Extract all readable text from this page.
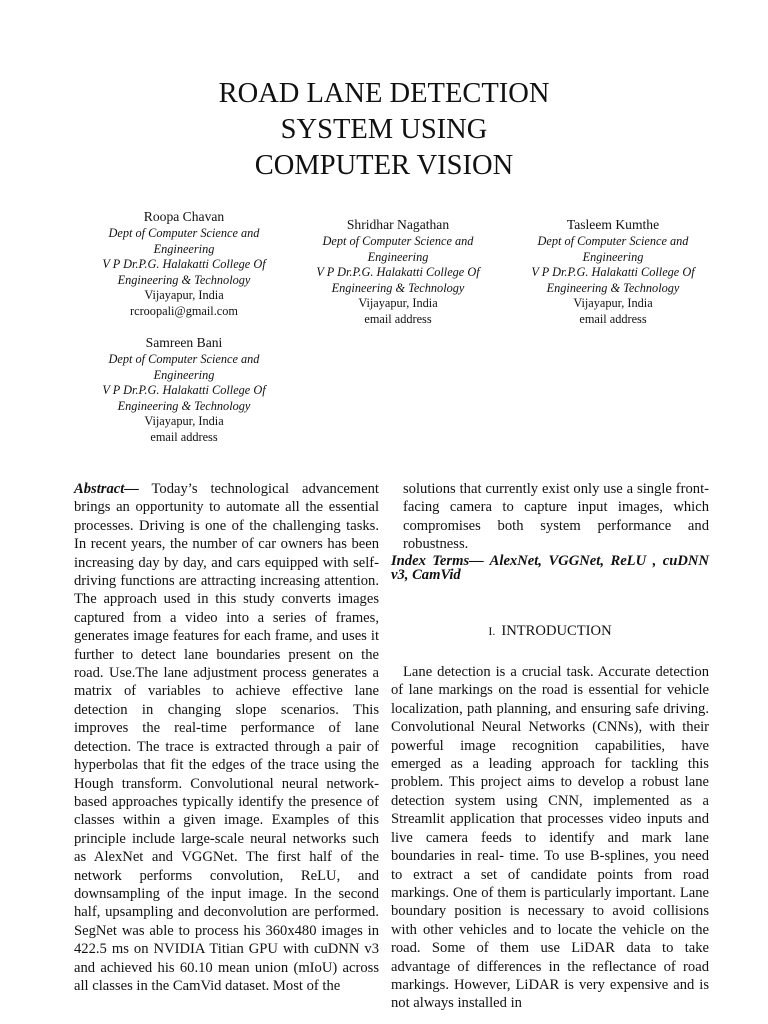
ROAD LANE DETECTION
SYSTEM USING
COMPUTER VISION
Roopa Chavan
Dept of Computer Science and Engineering
V P Dr.P.G. Halakatti College Of Engineering & Technology
Vijayapur, India
rcroopali@gmail.com
Shridhar Nagathan
Dept of Computer Science and Engineering
V P Dr.P.G. Halakatti College Of Engineering & Technology
Vijayapur, India
email address
Tasleem Kumthe
Dept of Computer Science and Engineering
V P Dr.P.G. Halakatti College Of Engineering & Technology
Vijayapur, India
email address
Samreen Bani
Dept of Computer Science and Engineering
V P Dr.P.G. Halakatti College Of Engineering & Technology
Vijayapur, India
email address
Abstract— Today’s technological advancement brings an opportunity to automate all the essential processes. Driving is one of the challenging tasks. In recent years, the number of car owners has been increasing day by day, and cars equipped with self-driving functions are attracting increasing attention. The approach used in this study converts images captured from a video into a series of frames, generates image features for each frame, and uses it further to detect lane boundaries present on the road. Use.The lane adjustment process generates a matrix of variables to achieve effective lane detection in changing slope scenarios. This improves the real-time performance of lane detection. The trace is extracted through a pair of hyperbolas that fit the edges of the trace using the Hough transform. Convolutional neural network-based approaches typically identify the presence of classes within a given image. Examples of this principle include large-scale neural networks such as AlexNet and VGGNet. The first half of the network performs convolution, ReLU, and downsampling of the input image. In the second half, upsampling and deconvolution are performed. SegNet was able to process his 360x480 images in 422.5 ms on NVIDIA Titian GPU with cuDNN v3 and achieved his 60.10 mean union (mIoU) across all classes in the CamVid dataset. Most of the
solutions that currently exist only use a single front- facing camera to capture input images, which compromises both system performance and robustness.
Index Terms— AlexNet, VGGNet, ReLU , cuDNN v3, CamVid
I. INTRODUCTION
Lane detection is a crucial task. Accurate detection of lane markings on the road is essential for vehicle localization, path planning, and ensuring safe driving. Convolutional Neural Networks (CNNs), with their powerful image recognition capabilities, have emerged as a leading approach for tackling this problem. This project aims to develop a robust lane detection system using CNN, implemented as a Streamlit application that processes video inputs and live camera feeds to identify and mark lane boundaries in real- time. To use B-splines, you need to extract a set of candidate points from road markings. One of them is particularly important. Lane boundary position is necessary to avoid collisions with other vehicles and to locate the vehicle on the road. Some of them use LiDAR data to take advantage of differences in the reflectance of road markings. However, LiDAR is very expensive and is not always installed in
